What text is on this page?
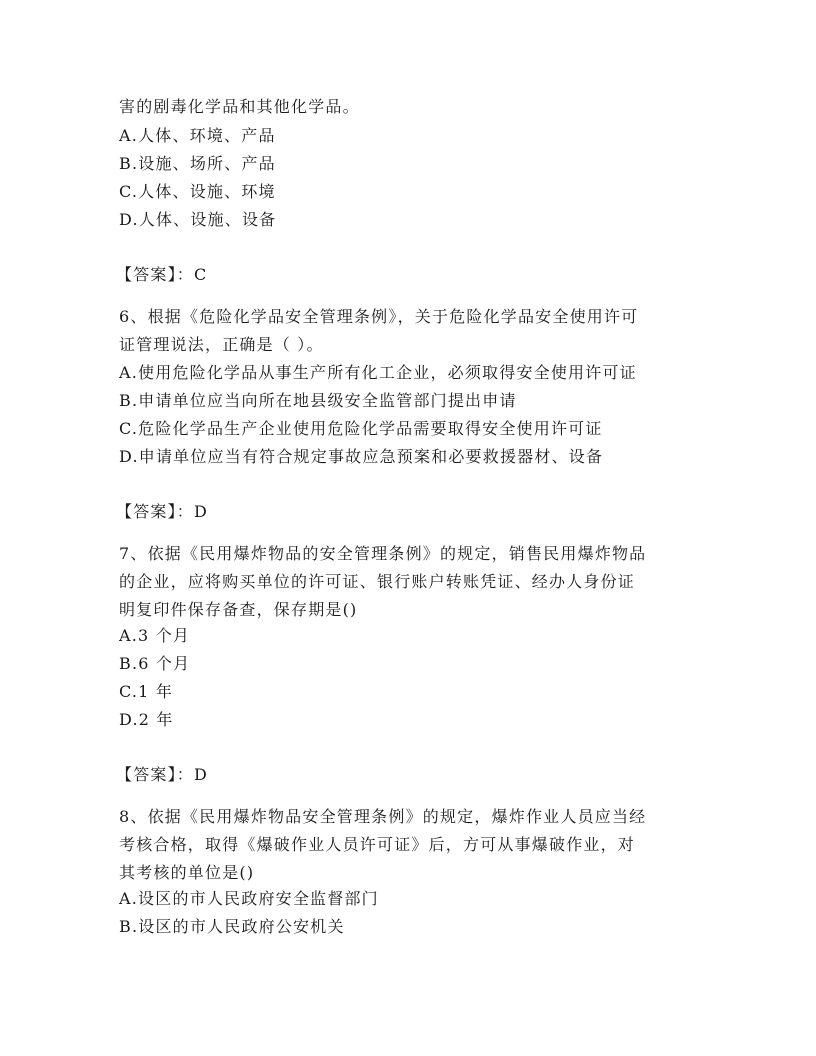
害的剧毒化学品和其他化学品。
A.人体、环境、产品
B.设施、场所、产品
C.人体、设施、环境
D.人体、设施、设备
【答案】：C
6、根据《危险化学品安全管理条例》，关于危险化学品安全使用许可
证管理说法，正确是（ ）。
A.使用危险化学品从事生产所有化工企业，必须取得安全使用许可证
B.申请单位应当向所在地县级安全监管部门提出申请
C.危险化学品生产企业使用危险化学品需要取得安全使用许可证
D.申请单位应当有符合规定事故应急预案和必要救援器材、设备
【答案】：D
7、依据《民用爆炸物品的安全管理条例》的规定，销售民用爆炸物品
的企业，应将购买单位的许可证、银行账户转账凭证、经办人身份证
明复印件保存备查，保存期是()
A.3 个月
B.6 个月
C.1 年
D.2 年
【答案】：D
8、依据《民用爆炸物品安全管理条例》的规定，爆炸作业人员应当经
考核合格，取得《爆破作业人员许可证》后，方可从事爆破作业，对
其考核的单位是()
A.设区的市人民政府安全监督部门
B.设区的市人民政府公安机关
